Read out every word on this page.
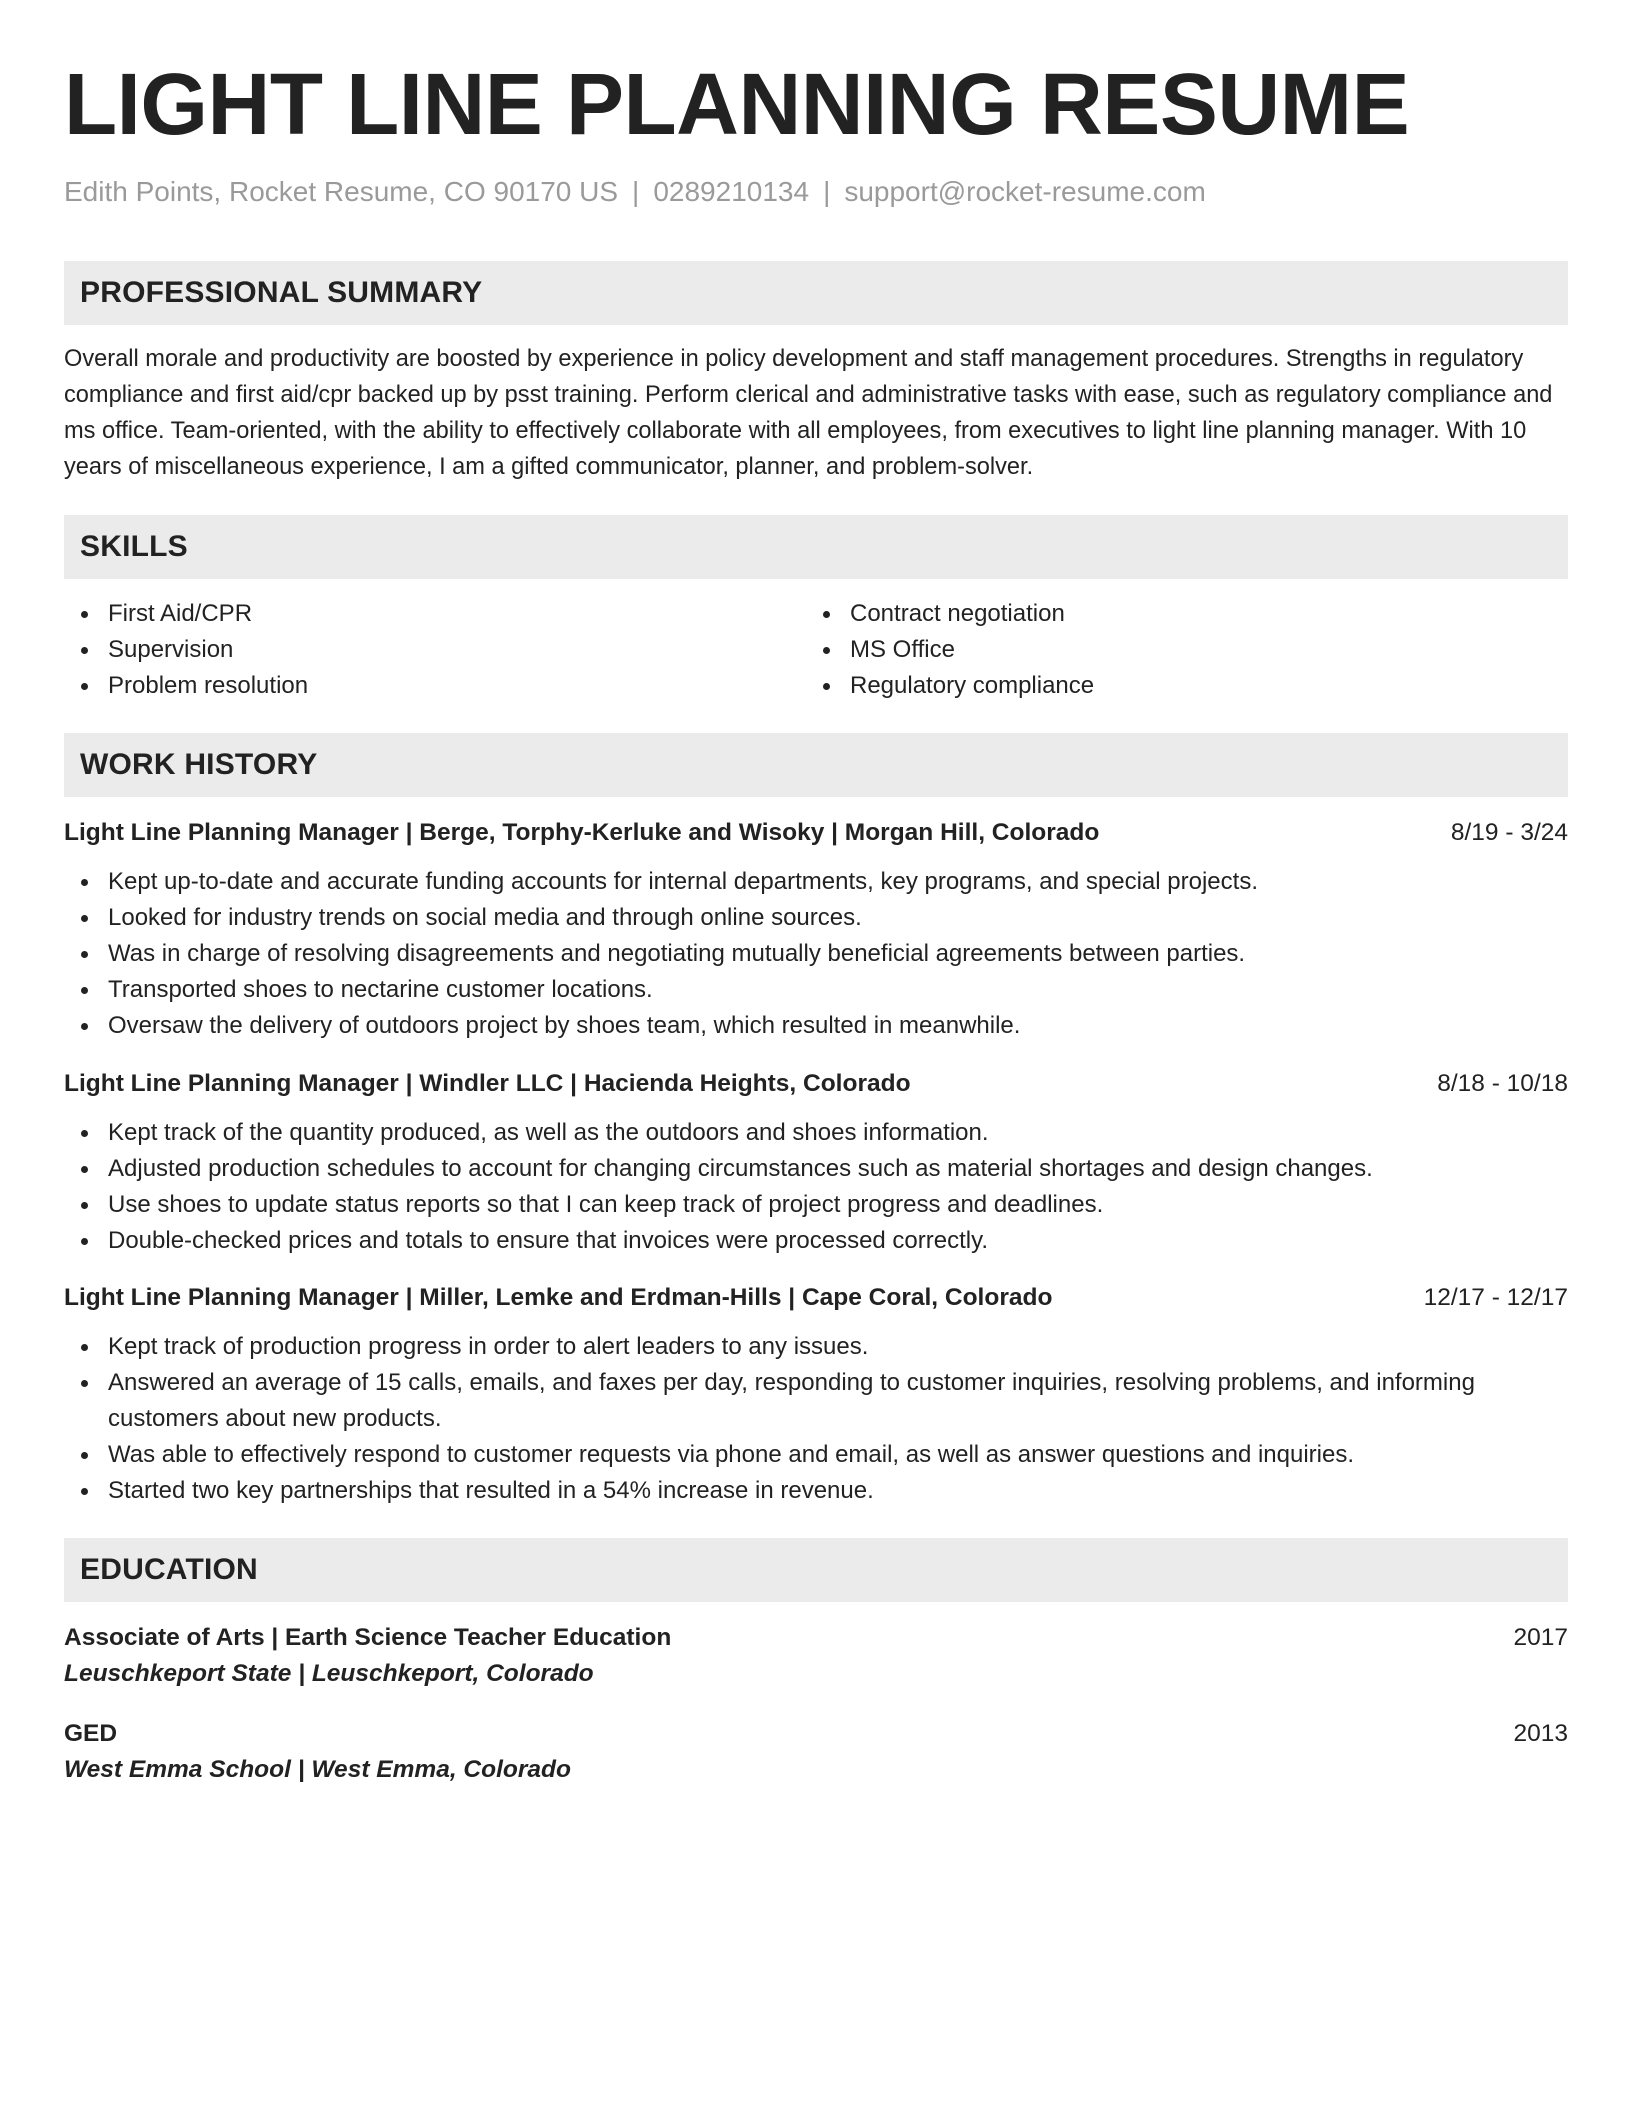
LIGHT LINE PLANNING RESUME
Edith Points, Rocket Resume, CO 90170 US | 0289210134 | support@rocket-resume.com
PROFESSIONAL SUMMARY

Overall morale and productivity are boosted by experience in policy development and staff management procedures. Strengths in regulatory compliance and first aid/cpr backed up by psst training. Perform clerical and administrative tasks with ease, such as regulatory compliance and ms office. Team-oriented, with the ability to effectively collaborate with all employees, from executives to light line planning manager. With 10 years of miscellaneous experience, I am a gifted communicator, planner, and problem-solver.

SKILLS
First Aid/CPR
Supervision
Problem resolution
Contract negotiation
MS Office
Regulatory compliance
WORK HISTORY
Light Line Planning Manager | Berge, Torphy-Kerluke and Wisoky | Morgan Hill, Colorado	8/19 - 3/24
Kept up-to-date and accurate funding accounts for internal departments, key programs, and special projects.
Looked for industry trends on social media and through online sources.
Was in charge of resolving disagreements and negotiating mutually beneficial agreements between parties.
Transported shoes to nectarine customer locations.
Oversaw the delivery of outdoors project by shoes team, which resulted in meanwhile.
Light Line Planning Manager | Windler LLC | Hacienda Heights, Colorado	8/18 - 10/18
Kept track of the quantity produced, as well as the outdoors and shoes information.
Adjusted production schedules to account for changing circumstances such as material shortages and design changes.
Use shoes to update status reports so that I can keep track of project progress and deadlines.
Double-checked prices and totals to ensure that invoices were processed correctly.
Light Line Planning Manager | Miller, Lemke and Erdman-Hills | Cape Coral, Colorado	12/17 - 12/17
Kept track of production progress in order to alert leaders to any issues.
Answered an average of 15 calls, emails, and faxes per day, responding to customer inquiries, resolving problems, and informing customers about new products.
Was able to effectively respond to customer requests via phone and email, as well as answer questions and inquiries.
Started two key partnerships that resulted in a 54% increase in revenue.
EDUCATION
Associate of Arts | Earth Science Teacher Education	2017
Leuschkeport State | Leuschkeport, Colorado
GED	2013
West Emma School | West Emma, Colorado
